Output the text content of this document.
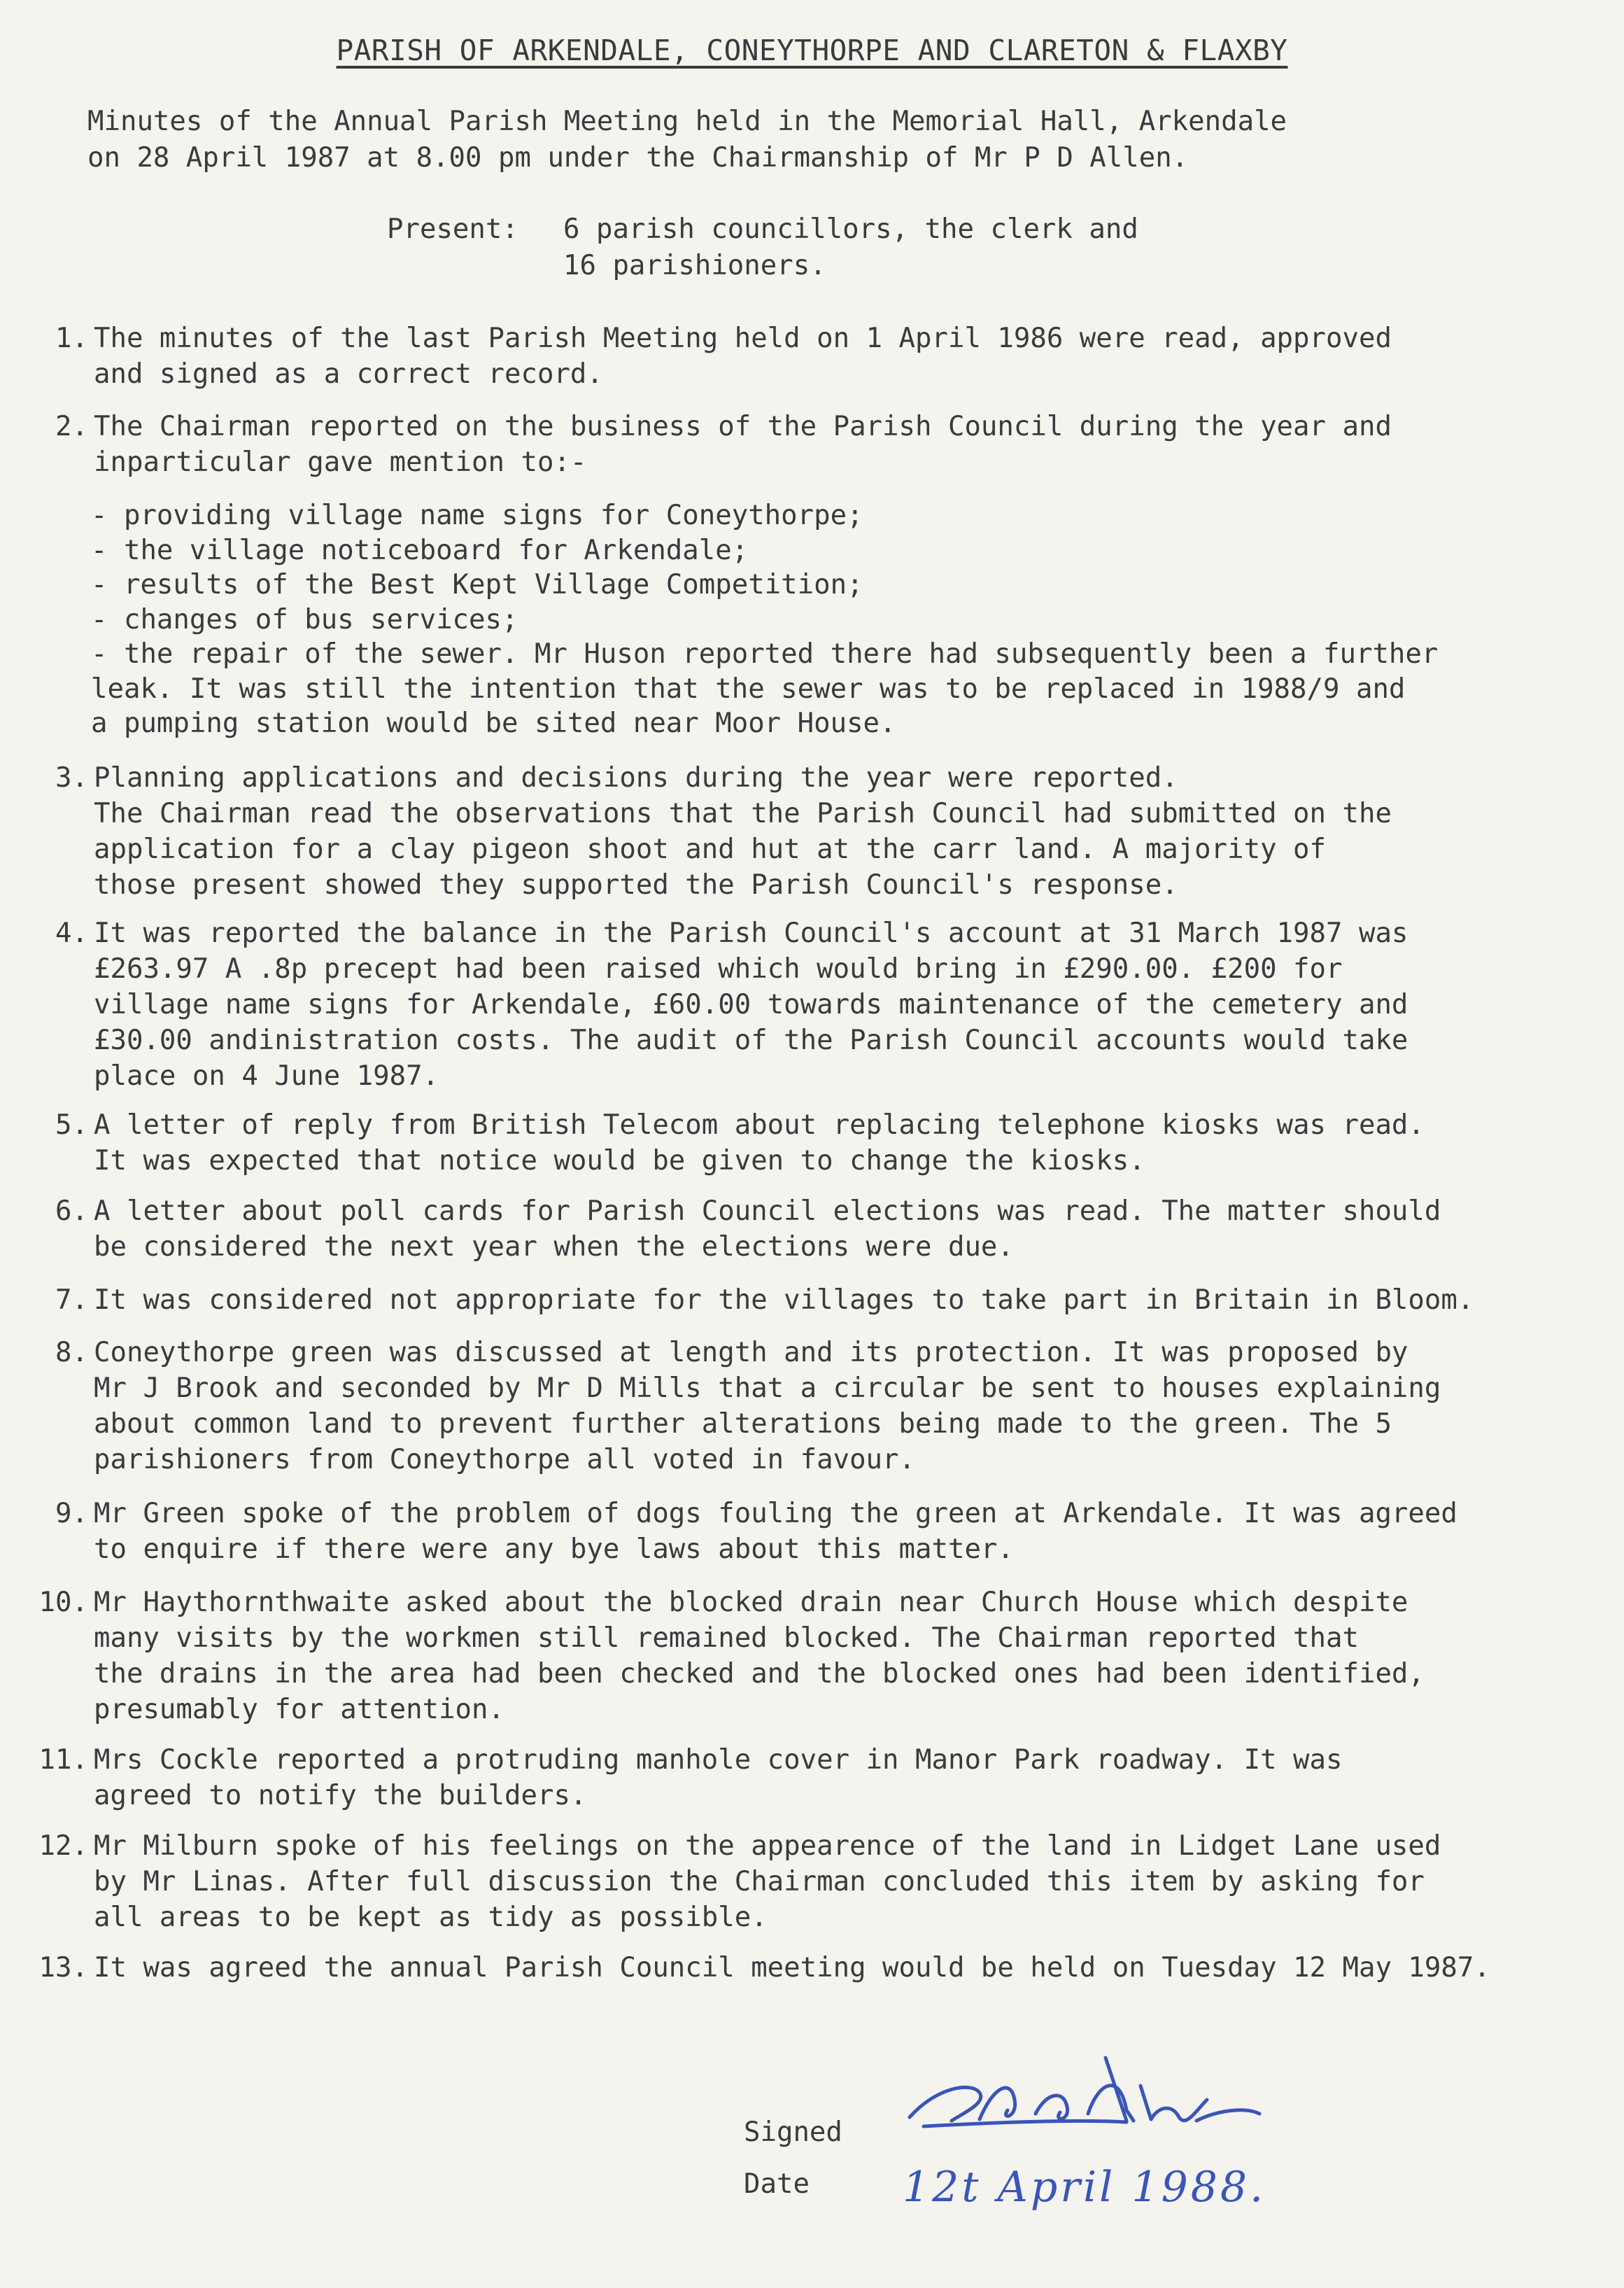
PARISH OF ARKENDALE, CONEYTHORPE AND CLARETON & FLAXBY
Minutes of the Annual Parish Meeting held in the Memorial Hall, Arkendale
on 28 April 1987 at 8.00 pm under the Chairmanship of Mr P D Allen.
Present: 6 parish councillors, the clerk and
16 parishioners.
1. The minutes of the last Parish Meeting held on 1 April 1986 were read, approved
and signed as a correct record.
2. The Chairman reported on the business of the Parish Council during the year and
inparticular gave mention to:-
- providing village name signs for Coneythorpe;
- the village noticeboard for Arkendale;
- results of the Best Kept Village Competition;
- changes of bus services;
- the repair of the sewer. Mr Huson reported there had subsequently been a further
leak. It was still the intention that the sewer was to be replaced in 1988/9 and
a pumping station would be sited near Moor House.
3. Planning applications and decisions during the year were reported.
The Chairman read the observations that the Parish Council had submitted on the
application for a clay pigeon shoot and hut at the carr land. A majority of
those present showed they supported the Parish Council's response.
4. It was reported the balance in the Parish Council's account at 31 March 1987 was
£263.97 A .8p precept had been raised which would bring in £290.00. £200 for
village name signs for Arkendale, £60.00 towards maintenance of the cemetery and
£30.00 andinistration costs. The audit of the Parish Council accounts would take
place on 4 June 1987.
5. A letter of reply from British Telecom about replacing telephone kiosks was read.
It was expected that notice would be given to change the kiosks.
6. A letter about poll cards for Parish Council elections was read. The matter should
be considered the next year when the elections were due.
7. It was considered not appropriate for the villages to take part in Britain in Bloom.
8. Coneythorpe green was discussed at length and its protection. It was proposed by
Mr J Brook and seconded by Mr D Mills that a circular be sent to houses explaining
about common land to prevent further alterations being made to the green. The 5
parishioners from Coneythorpe all voted in favour.
9. Mr Green spoke of the problem of dogs fouling the green at Arkendale. It was agreed
to enquire if there were any bye laws about this matter.
10. Mr Haythornthwaite asked about the blocked drain near Church House which despite
many visits by the workmen still remained blocked. The Chairman reported that
the drains in the area had been checked and the blocked ones had been identified,
presumably for attention.
11. Mrs Cockle reported a protruding manhole cover in Manor Park roadway. It was
agreed to notify the builders.
12. Mr Milburn spoke of his feelings on the appearence of the land in Lidget Lane used
by Mr Linas. After full discussion the Chairman concluded this item by asking for
all areas to be kept as tidy as possible.
13. It was agreed the annual Parish Council meeting would be held on Tuesday 12 May 1987.
Signed
Date	12t April 1988.
